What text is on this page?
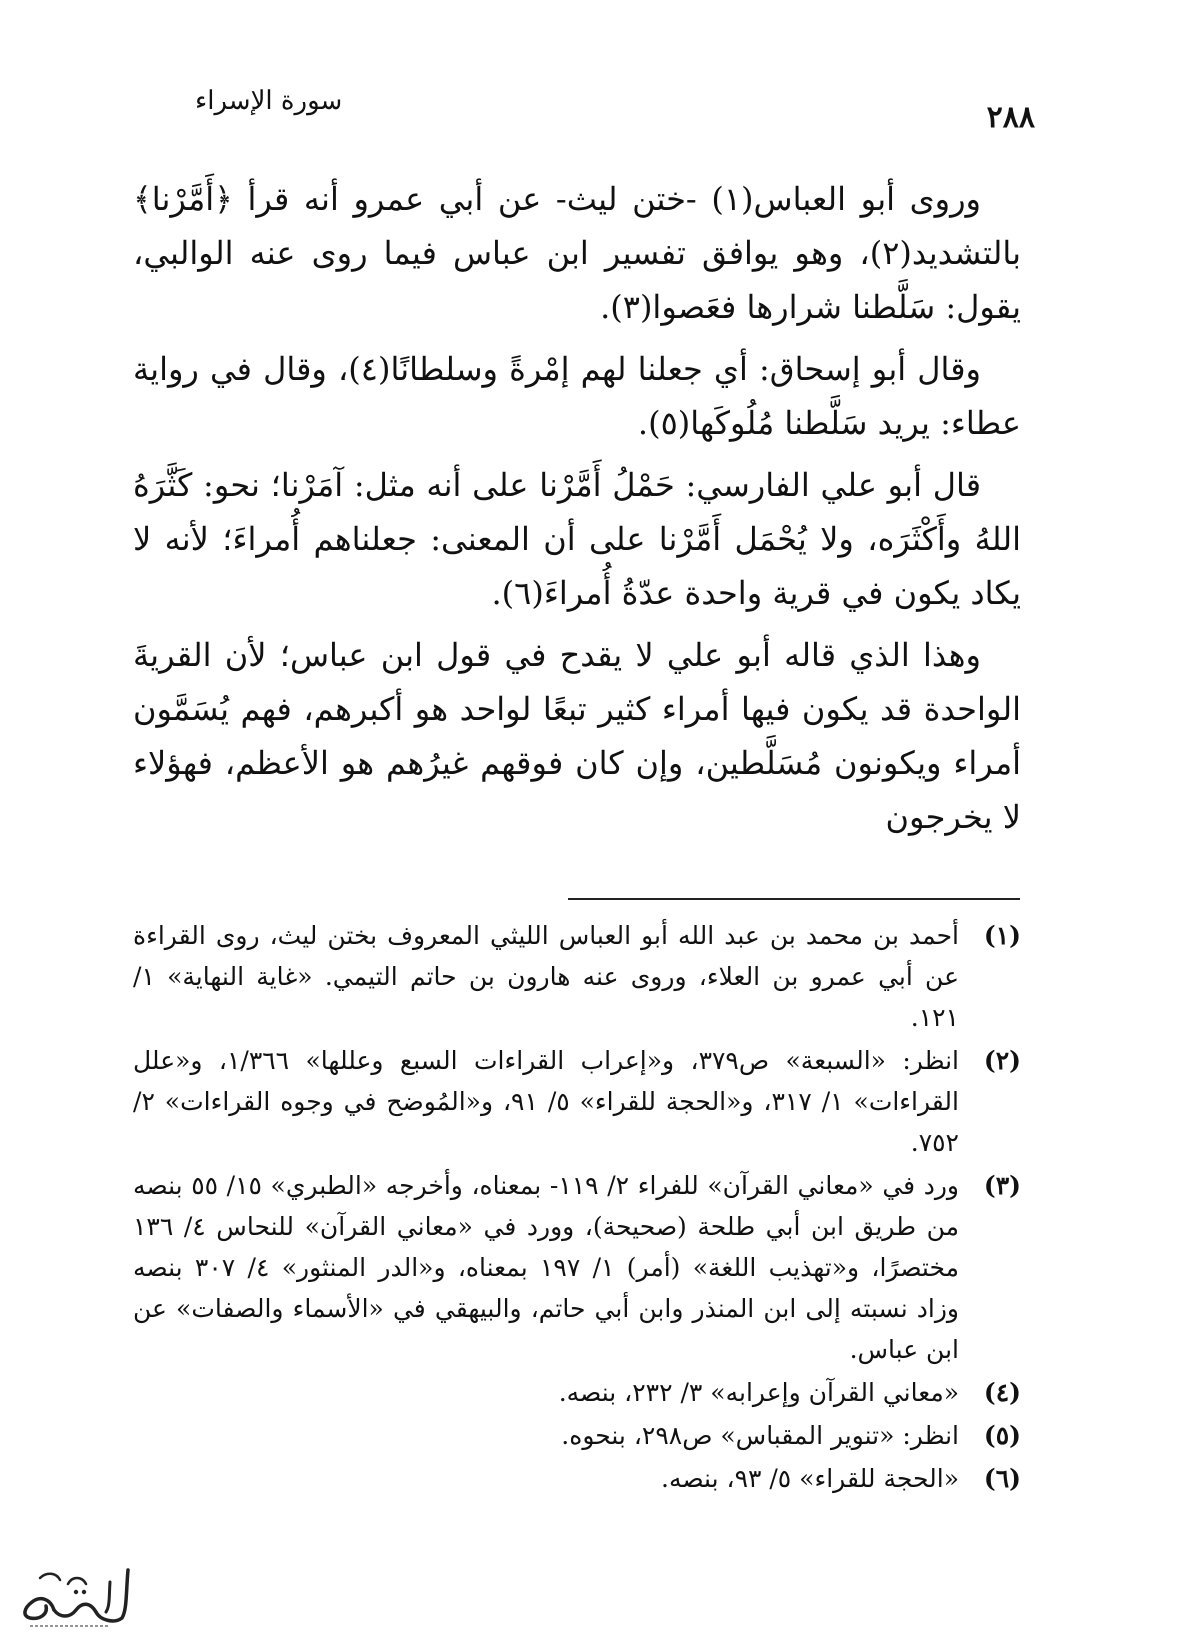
سورة الإسراء	٢٨٨

وروى أبو العباس(١) -ختن ليث- عن أبي عمرو أنه قرأ ﴿أَمَّرْنا﴾ بالتشديد(٢)، وهو يوافق تفسير ابن عباس فيما روى عنه الوالبي، يقول: سَلَّطنا شرارها فعَصوا(٣).

وقال أبو إسحاق: أي جعلنا لهم إمْرةً وسلطانًا(٤)، وقال في رواية عطاء: يريد سَلَّطنا مُلُوكَها(٥).

قال أبو علي الفارسي: حَمْلُ أَمَّرْنا على أنه مثل: آمَرْنا؛ نحو: كَثَّرَهُ اللهُ وأَكْثَرَه، ولا يُحْمَل أَمَّرْنا على أن المعنى: جعلناهم أُمراءَ؛ لأنه لا يكاد يكون في قرية واحدة عدّةُ أُمراءَ(٦).

وهذا الذي قاله أبو علي لا يقدح في قول ابن عباس؛ لأن القريةَ الواحدة قد يكون فيها أمراء كثير تبعًا لواحد هو أكبرهم، فهم يُسَمَّون أمراء ويكونون مُسَلَّطين، وإن كان فوقهم غيرُهم هو الأعظم، فهؤلاء لا يخرجون

(١)
أحمد بن محمد بن عبد الله أبو العباس الليثي المعروف بختن ليث، روى القراءة عن أبي عمرو بن العلاء، وروى عنه هارون بن حاتم التيمي. «غاية النهاية» ١/ ١٢١.
(٢)
انظر: «السبعة» ص٣٧٩، و«إعراب القراءات السبع وعللها» ١/٣٦٦، و«علل القراءات» ١/ ٣١٧، و«الحجة للقراء» ٥/ ٩١، و«المُوضح في وجوه القراءات» ٢/ ٧٥٢.
(٣)
ورد في «معاني القرآن» للفراء ٢/ ١١٩- بمعناه، وأخرجه «الطبري» ١٥/ ٥٥ بنصه من طريق ابن أبي طلحة (صحيحة)، وورد في «معاني القرآن» للنحاس ٤/ ١٣٦ مختصرًا، و«تهذيب اللغة» (أمر) ١/ ١٩٧ بمعناه، و«الدر المنثور» ٤/ ٣٠٧ بنصه وزاد نسبته إلى ابن المنذر وابن أبي حاتم، والبيهقي في «الأسماء والصفات» عن ابن عباس.
(٤)
«معاني القرآن وإعرابه» ٣/ ٢٣٢، بنصه.
(٥)
انظر: «تنوير المقباس» ص٢٩٨، بنحوه.
(٦)
«الحجة للقراء» ٥/ ٩٣، بنصه.
